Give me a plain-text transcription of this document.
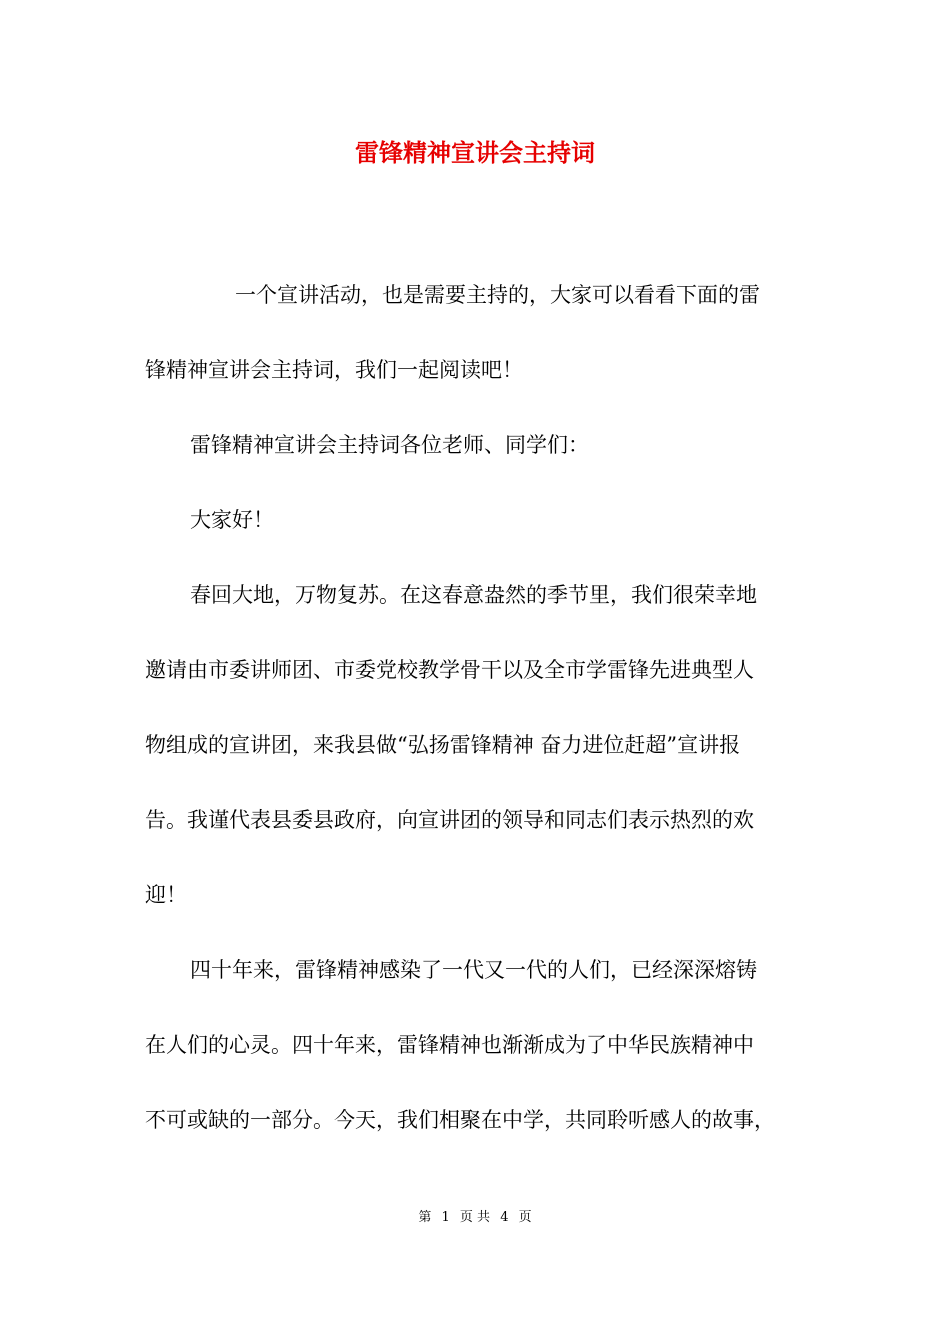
雷锋精神宣讲会主持词

一个宣讲活动，也是需要主持的，大家可以看看下面的雷

锋精神宣讲会主持词，我们一起阅读吧！

雷锋精神宣讲会主持词各位老师、同学们：

大家好！

春回大地，万物复苏。在这春意盎然的季节里，我们很荣幸地

邀请由市委讲师团、市委党校教学骨干以及全市学雷锋先进典型人

物组成的宣讲团，来我县做“弘扬雷锋精神 奋力进位赶超”宣讲报

告。我谨代表县委县政府，向宣讲团的领导和同志们表示热烈的欢

迎！

四十年来，雷锋精神感染了一代又一代的人们，已经深深熔铸

在人们的心灵。四十年来，雷锋精神也渐渐成为了中华民族精神中

不可或缺的一部分。今天，我们相聚在中学，共同聆听感人的故事，

第 1 页 共 4 页
